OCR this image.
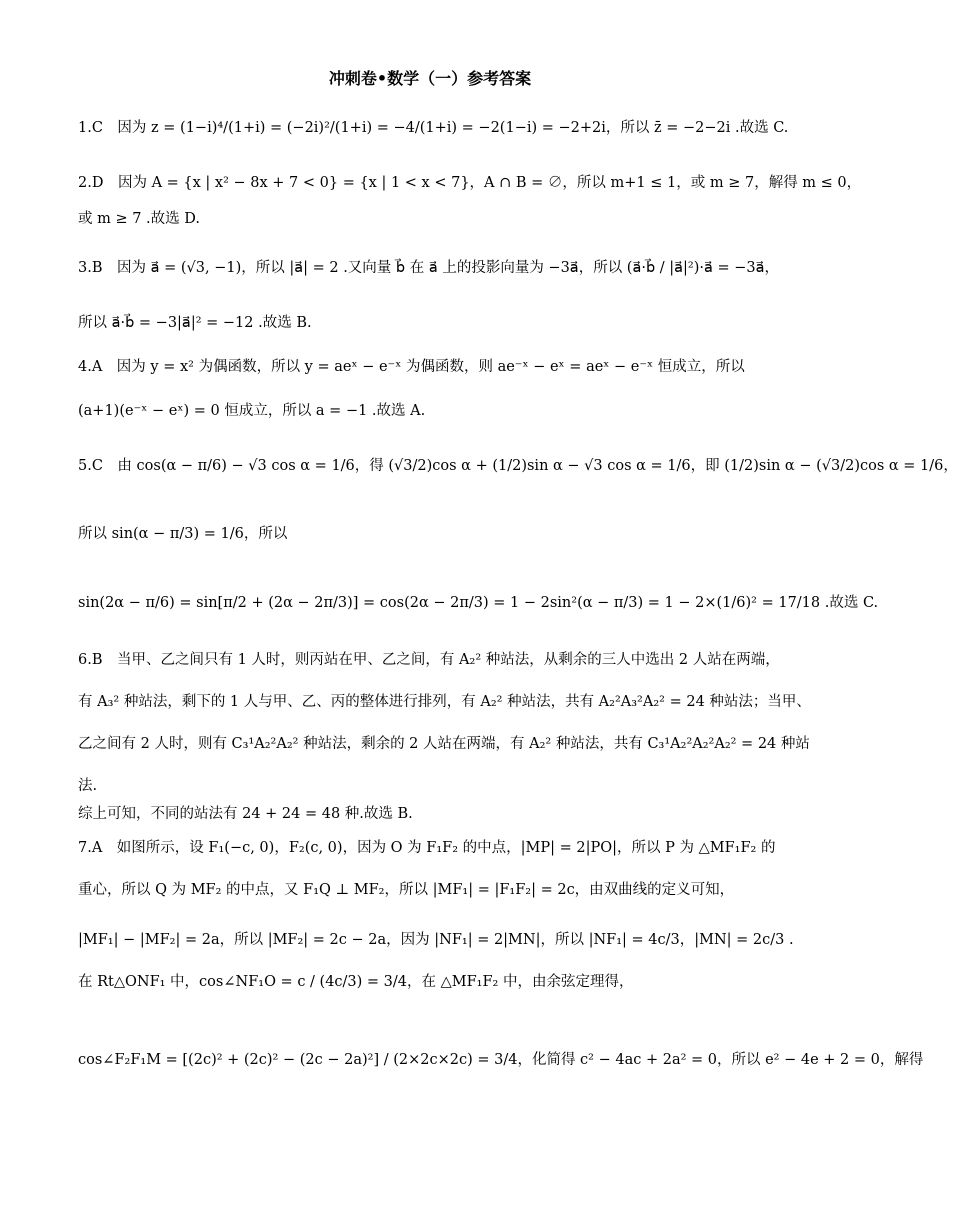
冲刺卷•数学（一）参考答案
1.C　因为 z = (1−i)⁴/(1+i) = (−2i)²/(1+i) = −4/(1+i) = −2(1−i) = −2+2i，所以 z̄ = −2−2i .故选 C.
2.D　因为 A = {x | x² − 8x + 7 < 0} = {x | 1 < x < 7}，A ∩ B = ∅，所以 m+1 ≤ 1，或 m ≥ 7，解得 m ≤ 0，
或 m ≥ 7 .故选 D.
3.B　因为 a⃗ = (√3, −1)，所以 |a⃗| = 2 .又向量 b⃗ 在 a⃗ 上的投影向量为 −3a⃗，所以 (a⃗·b⃗ / |a⃗|²)·a⃗ = −3a⃗，
所以 a⃗·b⃗ = −3|a⃗|² = −12 .故选 B.
4.A　因为 y = x² 为偶函数，所以 y = aeˣ − e⁻ˣ 为偶函数，则 ae⁻ˣ − eˣ = aeˣ − e⁻ˣ 恒成立，所以
(a+1)(e⁻ˣ − eˣ) = 0 恒成立，所以 a = −1 .故选 A.
5.C　由 cos(α − π/6) − √3 cos α = 1/6，得 (√3/2)cos α + (1/2)sin α − √3 cos α = 1/6，即 (1/2)sin α − (√3/2)cos α = 1/6，
所以 sin(α − π/3) = 1/6，所以
sin(2α − π/6) = sin[π/2 + (2α − 2π/3)] = cos(2α − 2π/3) = 1 − 2sin²(α − π/3) = 1 − 2×(1/6)² = 17/18 .故选 C.
6.B　当甲、乙之间只有 1 人时，则丙站在甲、乙之间，有 A₂² 种站法，从剩余的三人中选出 2 人站在两端，
有 A₃² 种站法，剩下的 1 人与甲、乙、丙的整体进行排列，有 A₂² 种站法，共有 A₂²A₃²A₂² = 24 种站法；当甲、
乙之间有 2 人时，则有 C₃¹A₂²A₂² 种站法，剩余的 2 人站在两端，有 A₂² 种站法，共有 C₃¹A₂²A₂²A₂² = 24 种站
法.
综上可知，不同的站法有 24 + 24 = 48 种.故选 B.
7.A　如图所示，设 F₁(−c, 0)，F₂(c, 0)，因为 O 为 F₁F₂ 的中点，|MP| = 2|PO|，所以 P 为 △MF₁F₂ 的
重心，所以 Q 为 MF₂ 的中点，又 F₁Q ⊥ MF₂，所以 |MF₁| = |F₁F₂| = 2c，由双曲线的定义可知，
|MF₁| − |MF₂| = 2a，所以 |MF₂| = 2c − 2a，因为 |NF₁| = 2|MN|，所以 |NF₁| = 4c/3，|MN| = 2c/3 .
在 Rt△ONF₁ 中，cos∠NF₁O = c / (4c/3) = 3/4，在 △MF₁F₂ 中，由余弦定理得，
cos∠F₂F₁M = [(2c)² + (2c)² − (2c − 2a)²] / (2×2c×2c) = 3/4，化简得 c² − 4ac + 2a² = 0，所以 e² − 4e + 2 = 0，解得
